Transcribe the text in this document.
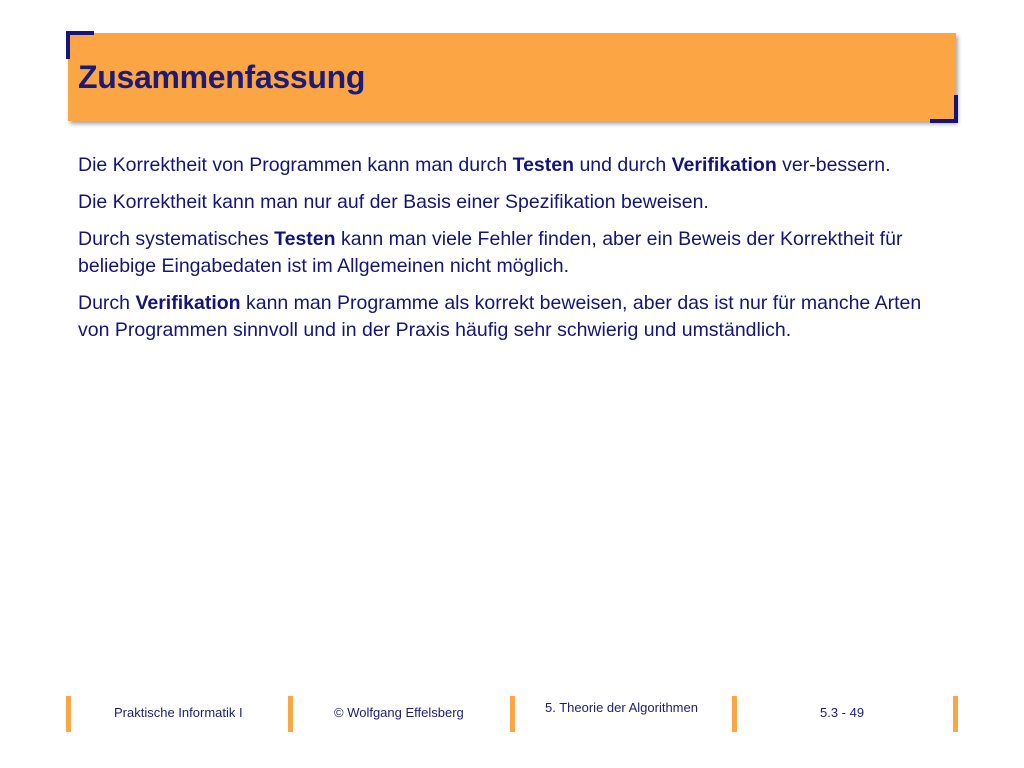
Zusammenfassung

Die Korrektheit von Programmen kann man durch Testen und durch Verifikation ver-bessern.

Die Korrektheit kann man nur auf der Basis einer Spezifikation beweisen.

Durch systematisches Testen kann man viele Fehler finden, aber ein Beweis der Korrektheit für beliebige Eingabedaten ist im Allgemeinen nicht möglich.

Durch Verifikation kann man Programme als korrekt beweisen, aber das ist nur für manche Arten von Programmen sinnvoll und in der Praxis häufig sehr schwierig und umständlich.

Praktische Informatik I	© Wolfgang Effelsberg	5. Theorie der Algorithmen	5.3 - 49
